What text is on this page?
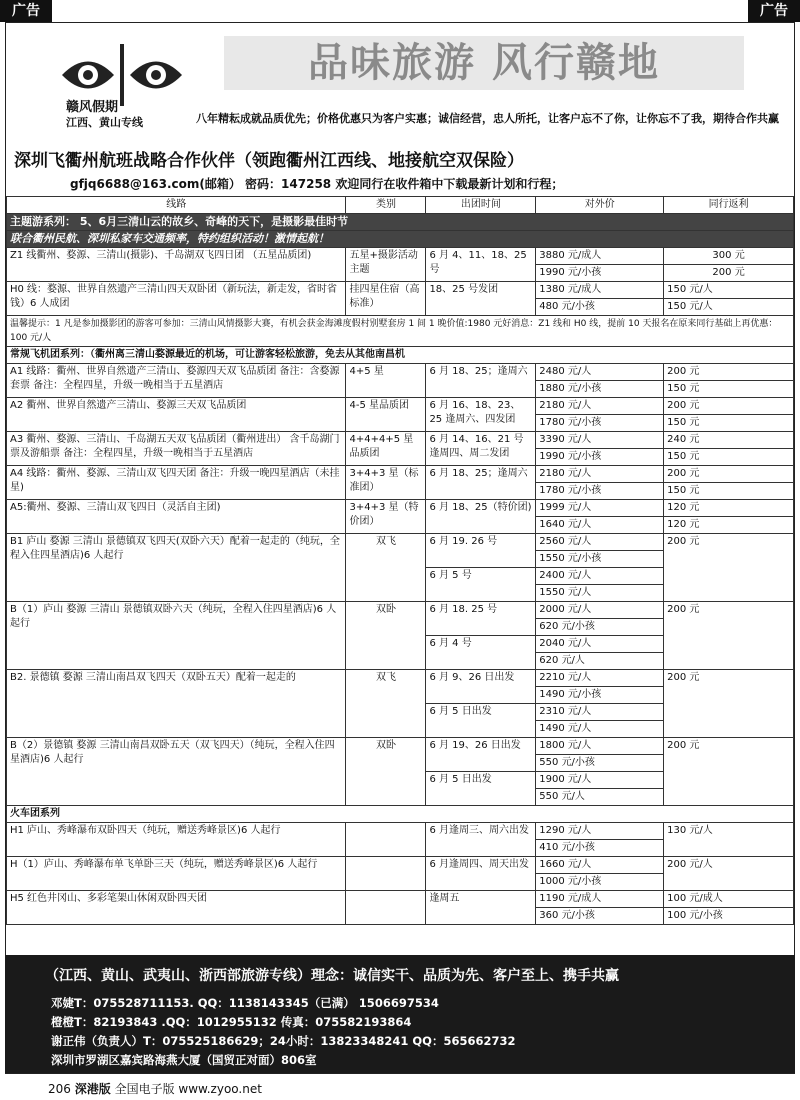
广告	广告
赣风假期
江西、黄山专线
品味旅游 风行赣地
八年精耘成就品质优先；价格优惠只为客户实惠；诚信经营，忠人所托，让客户忘不了你，让你忘不了我，期待合作共赢
深圳飞衢州航班战略合作伙伴（领跑衢州江西线、地接航空双保险）
gfjq6688@163.com(邮箱） 密码：147258 欢迎同行在收件箱中下载最新计划和行程；
线路	类别	出团时间	对外价	同行返利
主题游系列： 5、6月三清山云的故乡、奇峰的天下，是摄影最佳时节				
联合衢州民航、深圳私家车交通频率，特约组织活动！激情起航！				
Z1 线衢州、婺源、三清山(摄影)、千岛湖双飞四日团 （五星品质团)	五星+摄影活动主题	6 月 4、11、18、25 号	3880 元/成人	300 元
			1990 元/小孩	200 元
H0 线：婺源、世界自然遗产三清山四天双卧团（新玩法，新走发，省时省钱）6 人成团	挂四星住宿（高标准）	18、25 号发团	1380 元/成人	150 元/人
			480 元/小孩	150 元/人
温馨提示：1 凡是参加摄影团的游客可参加：三清山风情摄影大赛，有机会获金海滩度假村别墅套房 1 间 1 晚价值:1980 元好消息：Z1 线和 H0 线，提前 10 天报名在原来同行基础上再优惠：100 元/人				
常规飞机团系列：（衢州离三清山婺源最近的机场，可让游客轻松旅游，免去从其他南昌机				
A1 线路：衢州、世界自然遗产三清山、婺源四天双飞品质团 备注：含婺源套票 备注：全程四星，升级一晚相当于五星酒店	4+5 星	6 月 18、25；逢周六	2480 元/人	200 元
			1880 元/小孩	150 元
A2 衢州、世界自然遗产三清山、婺源三天双飞品质团	4-5 星品质团	6 月 16、18、23、25 逢周六、四发团	2180 元/人	200 元
			1780 元/小孩	150 元
A3 衢州、婺源、三清山、千岛湖五天双飞品质团（衢州进出） 含千岛湖门票及游船票 备注：全程四星，升级一晚相当于五星酒店	4+4+4+5 星品质团	6 月 14、16、21 号逢周四、周二发团	3390 元/人	240 元
			1990 元/小孩	150 元
A4 线路：衢州、婺源、三清山双飞四天团 备注：升级一晚四星酒店（未挂星)	3+4+3 星（标准团）	6 月 18、25；逢周六	2180 元/人	200 元
			1780 元/小孩	150 元
A5:衢州、婺源、三清山双飞四日（灵活自主团)	3+4+3 星（特价团）	6 月 18、25（特价团)	1999 元/人	120 元
			1640 元/人	120 元
B1 庐山 婺源 三清山 景德镇双飞四天(双卧六天）配着一起走的（纯玩，全程入住四星酒店)6 人起行	双飞	6 月 19. 26 号	2560 元/人	200 元
			1550 元/小孩	
		6 月 5 号	2400 元/人	
			1550 元/人	
B（1）庐山 婺源 三清山 景德镇双卧六天（纯玩，全程入住四星酒店)6 人起行	双卧	6 月 18. 25 号	2000 元/人	200 元
			620 元/小孩	
		6 月 4 号	2040 元/人	
			620 元/人	
B2. 景德镇 婺源 三清山南昌双飞四天（双卧五天）配着一起走的	双飞	6 月 9、26 日出发	2210 元/人	200 元
			1490 元/小孩	
		6 月 5 日出发	2310 元/人	
			1490 元/人	
B（2）景德镇 婺源 三清山南昌双卧五天（双飞四天）（纯玩，全程入住四星酒店)6 人起行	双卧	6 月 19、26 日出发	1800 元/人	200 元
			550 元/小孩	
		6 月 5 日出发	1900 元/人	
			550 元/人	
火车团系列				
H1 庐山、秀峰瀑布双卧四天（纯玩，赠送秀峰景区)6 人起行		6 月逢周三、周六出发	1290 元/人	130 元/人
			410 元/小孩	
H（1）庐山、秀峰瀑布单飞单卧三天（纯玩，赠送秀峰景区)6 人起行		6 月逢周四、周天出发	1660 元/人	200 元/人
			1000 元/小孩	
H5 红色井冈山、多彩笔架山休闲双卧四天团		逢周五	1190 元/成人	100 元/成人
			360 元/小孩	100 元/小孩
（江西、黄山、武夷山、浙西部旅游专线）理念：诚信实干、品质为先、客户至上、携手共赢
邓婕T：075528711153. QQ：1138143345（已满） 1506697534
橙橙T：82193843 .QQ：1012955132 传真：075582193864
谢正伟（负责人）T：075525186629；24小时：13823348241 QQ：565662732
深圳市罗湖区嘉宾路海燕大厦（国贸正对面）806室
206 深港版 全国电子版 www.zyoo.net
